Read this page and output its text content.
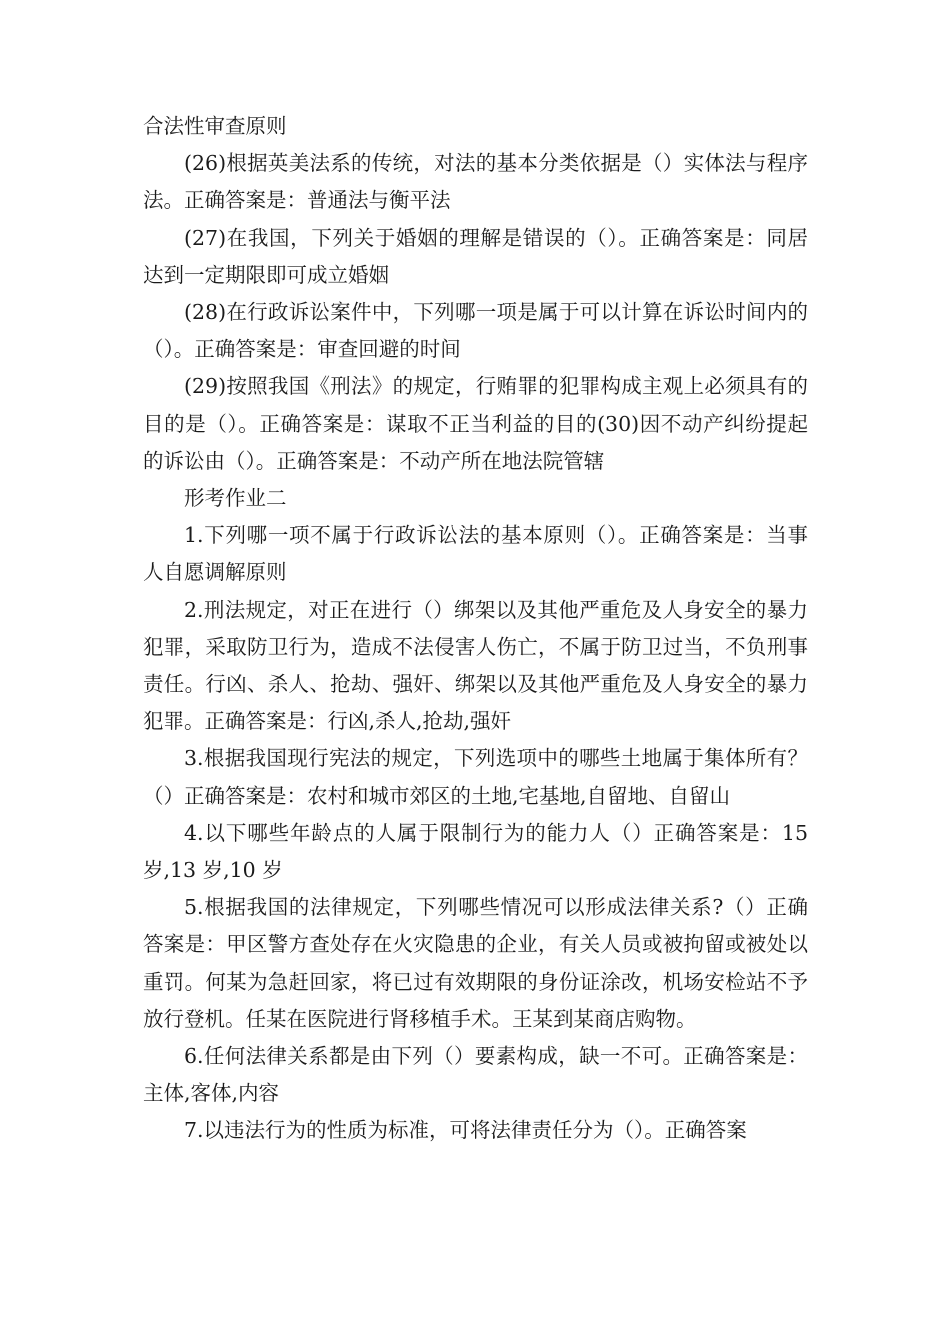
合法性审查原则

(26)根据英美法系的传统，对法的基本分类依据是（）实体法与程序法。正确答案是：普通法与衡平法

(27)在我国，下列关于婚姻的理解是错误的（）。正确答案是：同居达到一定期限即可成立婚姻

(28)在行政诉讼案件中，下列哪一项是属于可以计算在诉讼时间内的（）。正确答案是：审查回避的时间

(29)按照我国《刑法》的规定，行贿罪的犯罪构成主观上必须具有的目的是（）。正确答案是：谋取不正当利益的目的(30)因不动产纠纷提起的诉讼由（）。正确答案是：不动产所在地法院管辖

形考作业二

1.下列哪一项不属于行政诉讼法的基本原则（）。正确答案是：当事人自愿调解原则

2.刑法规定，对正在进行（）绑架以及其他严重危及人身安全的暴力犯罪，采取防卫行为，造成不法侵害人伤亡，不属于防卫过当，不负刑事责任。行凶、杀人、抢劫、强奸、绑架以及其他严重危及人身安全的暴力犯罪。正确答案是：行凶,杀人,抢劫,强奸

3.根据我国现行宪法的规定，下列选项中的哪些土地属于集体所有？（）正确答案是：农村和城市郊区的土地,宅基地,自留地、自留山

4.以下哪些年龄点的人属于限制行为的能力人（）正确答案是：15 岁,13 岁,10 岁

5.根据我国的法律规定，下列哪些情况可以形成法律关系?（）正确答案是：甲区警方查处存在火灾隐患的企业，有关人员或被拘留或被处以重罚。何某为急赶回家，将已过有效期限的身份证涂改，机场安检站不予放行登机。任某在医院进行肾移植手术。王某到某商店购物。

6.任何法律关系都是由下列（）要素构成，缺一不可。正确答案是：主体,客体,内容

7.以违法行为的性质为标准，可将法律责任分为（）。正确答案
